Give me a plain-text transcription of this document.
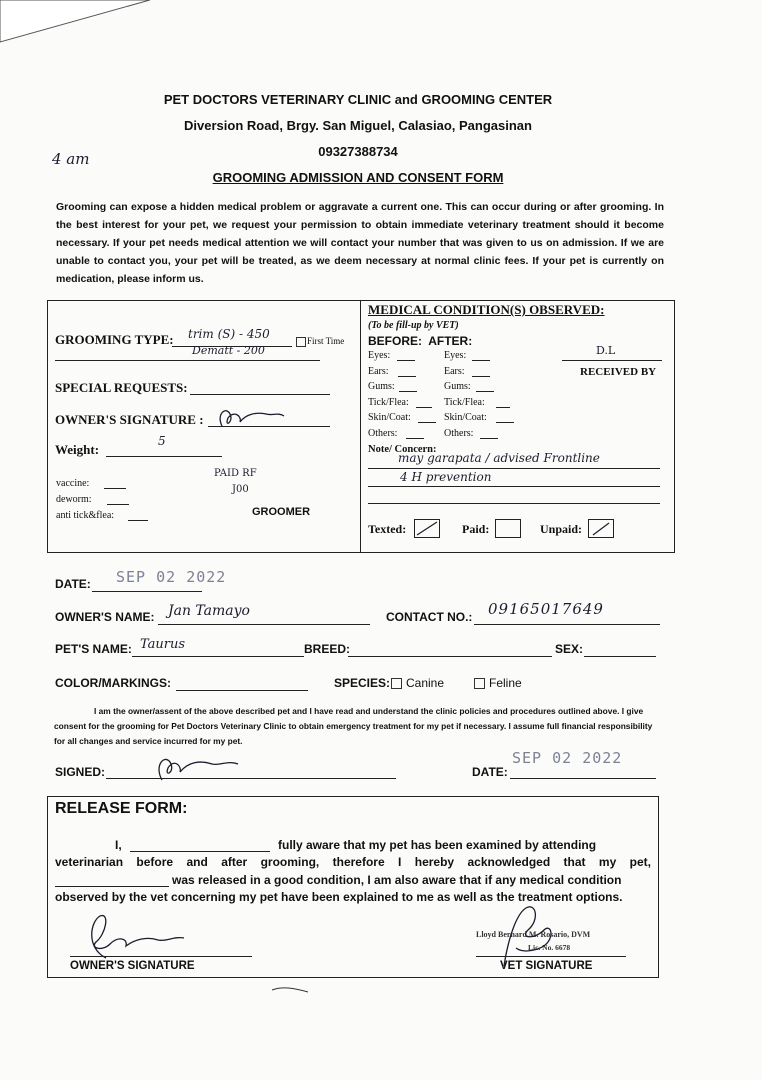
PET DOCTORS VETERINARY CLINIC and GROOMING CENTER
Diversion Road, Brgy. San Miguel, Calasiao, Pangasinan
09327388734
4 am
GROOMING ADMISSION AND CONSENT FORM
Grooming can expose a hidden medical problem or aggravate a current one. This can occur during or after grooming. In the best interest for your pet, we request your permission to obtain immediate veterinary treatment should it become necessary. If your pet needs medical attention we will contact your number that was given to us on admission. If we are unable to contact you, your pet will be treated, as we deem necessary at normal clinic fees. If your pet is currently on medication, please inform us.
GROOMING TYPE: trim (S) - 450	First Time
Dematt - 200
SPECIAL REQUESTS:
OWNER'S SIGNATURE :
Weight:
5
vaccine:
deworm:
anti tick&flea:
PAID RF
J00
GROOMER
MEDICAL CONDITION(S) OBSERVED:
(To be fill-up by VET)
BEFORE:  AFTER:
Eyes:	Eyes:
Ears:	Ears:
Gums:	Gums:
Tick/Flea:	Tick/Flea:
Skin/Coat:	Skin/Coat:
Others:	Others:
D.L
RECEIVED BY
Note/ Concern:
may garapata / advised Frontline
4 H prevention
Texted:	Paid:	Unpaid:
DATE: SEP 02 2022
OWNER'S NAME: Jan Tamayo	CONTACT NO.: 09165017649
PET'S NAME: Taurus	BREED:	SEX:
COLOR/MARKINGS:	SPECIES:	Canine	Feline
I am the owner/assent of the above described pet and I have read and understand the clinic policies and procedures outlined above. I give consent for the grooming for Pet Doctors Veterinary Clinic to obtain emergency treatment for my pet if necessary. I assume full financial responsibility for all changes and service incurred for my pet.
SIGNED:	DATE:
SEP 02 2022
RELEASE FORM:
I,	fully aware that my pet has been examined by attending
veterinarian before and after grooming, therefore I hereby acknowledged that my pet,
was released in a good condition, I am also aware that if any medical condition
observed by the vet concerning my pet have been explained to me as well as the treatment options.
OWNER'S SIGNATURE
Lloyd Bernard M. Rosario, DVM
Lic. No. 6678
VET SIGNATURE
